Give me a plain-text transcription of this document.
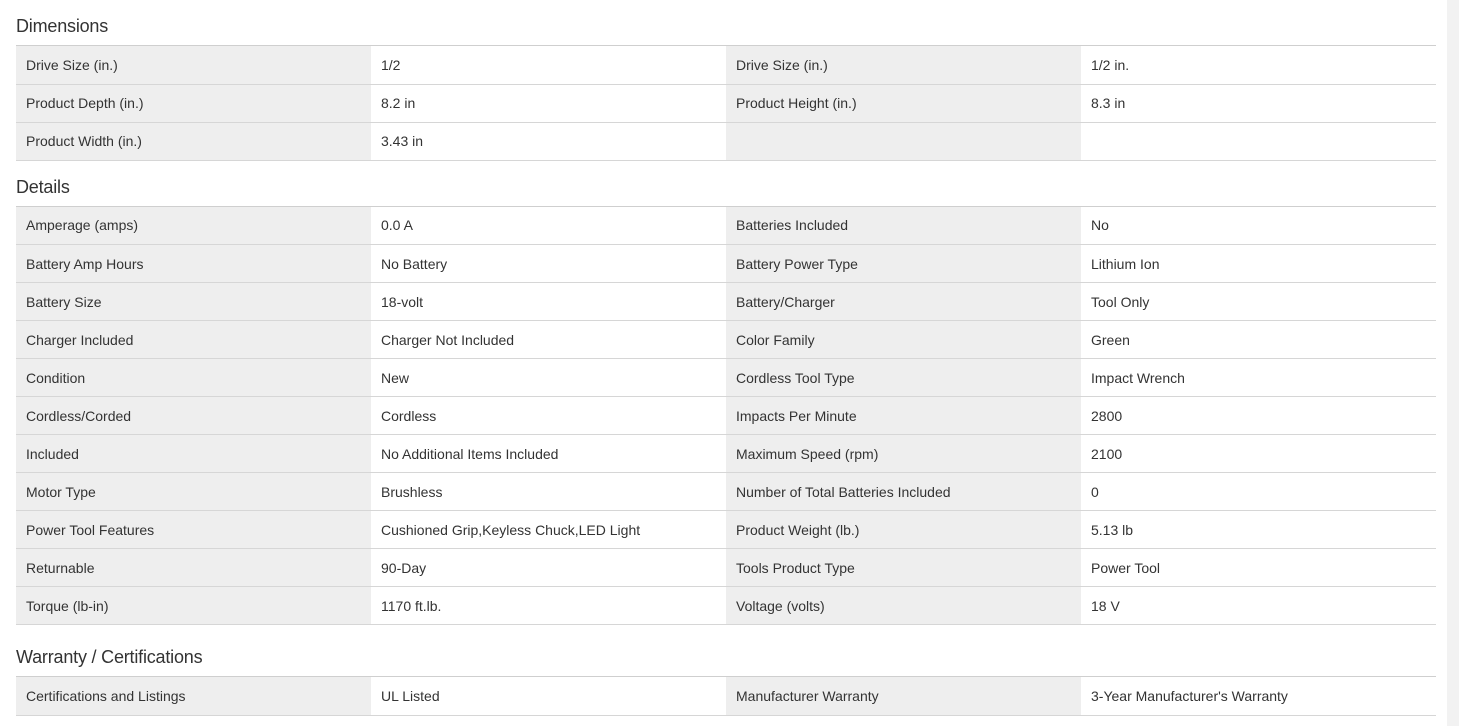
Dimensions
Drive Size (in.)	1/2	Drive Size (in.)	1/2 in.
Product Depth (in.)	8.2 in	Product Height (in.)	8.3 in
Product Width (in.)	3.43 in		
Details
Amperage (amps)	0.0 A	Batteries Included	No
Battery Amp Hours	No Battery	Battery Power Type	Lithium Ion
Battery Size	18-volt	Battery/Charger	Tool Only
Charger Included	Charger Not Included	Color Family	Green
Condition	New	Cordless Tool Type	Impact Wrench
Cordless/Corded	Cordless	Impacts Per Minute	2800
Included	No Additional Items Included	Maximum Speed (rpm)	2100
Motor Type	Brushless	Number of Total Batteries Included	0
Power Tool Features	Cushioned Grip,Keyless Chuck,LED Light	Product Weight (lb.)	5.13 lb
Returnable	90-Day	Tools Product Type	Power Tool
Torque (lb-in)	1170 ft.lb.	Voltage (volts)	18 V
Warranty / Certifications
Certifications and Listings	UL Listed	Manufacturer Warranty	3-Year Manufacturer's Warranty
